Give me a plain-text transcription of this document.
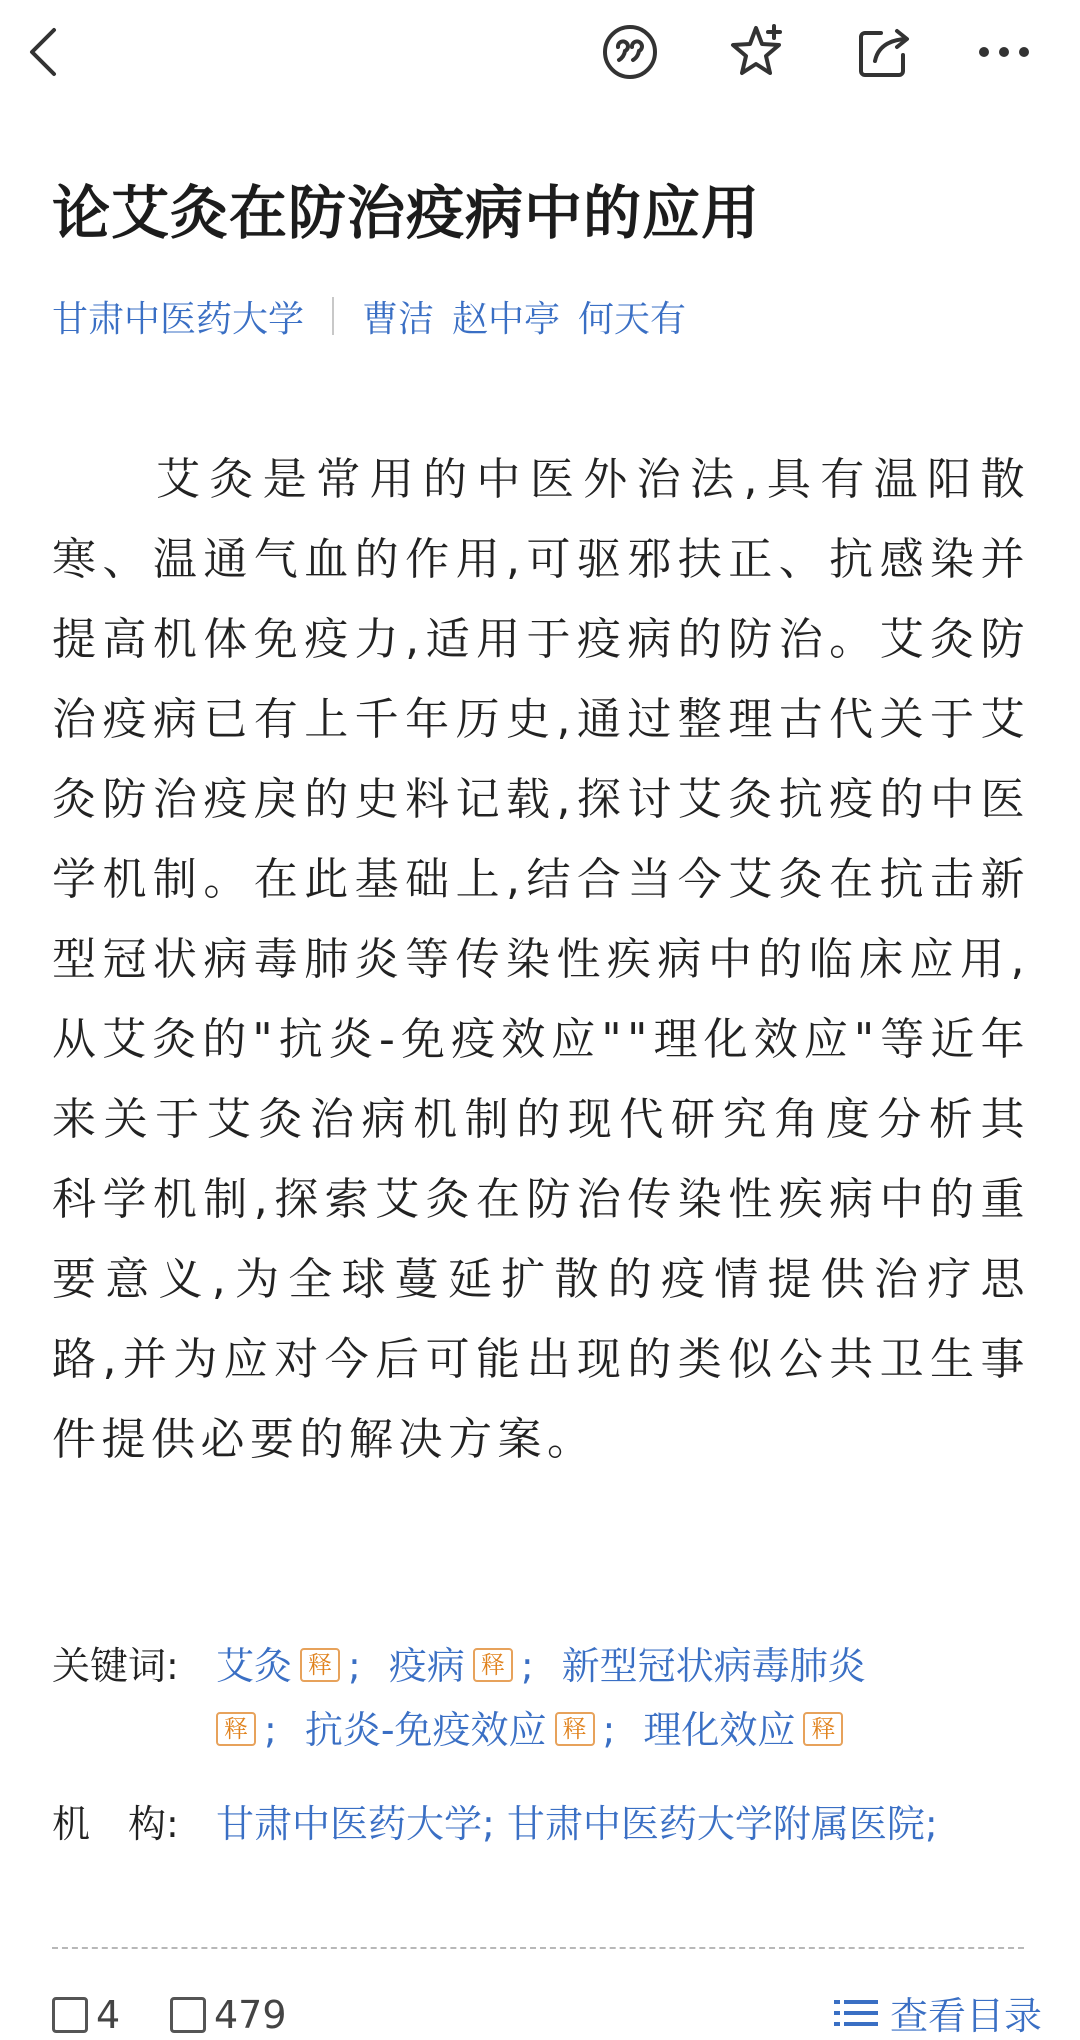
论艾灸在防治疫病中的应用
甘肃中医药大学 曹洁 赵中亭 何天有

艾灸是常用的中医外治法,具有温阳散寒、温通气血的作用,可驱邪扶正、抗感染并提高机体免疫力,适用于疫病的防治。艾灸防治疫病已有上千年历史,通过整理古代关于艾灸防治疫戾的史料记载,探讨艾灸抗疫的中医学机制。在此基础上,结合当今艾灸在抗击新型冠状病毒肺炎等传染性疾病中的临床应用,从艾灸的"抗炎-免疫效应""理化效应"等近年来关于艾灸治病机制的现代研究角度分析其科学机制,探索艾灸在防治传染性疾病中的重要意义,为全球蔓延扩散的疫情提供治疗思路,并为应对今后可能出现的类似公共卫生事件提供必要的解决方案。

关键词: 艾灸 释 ; 疫病 释 ; 新型冠状病毒肺炎
释 ; 抗炎-免疫效应 释 ; 理化效应 释
机　构: 甘肃中医药大学; 甘肃中医药大学附属医院;
4 479	查看目录
